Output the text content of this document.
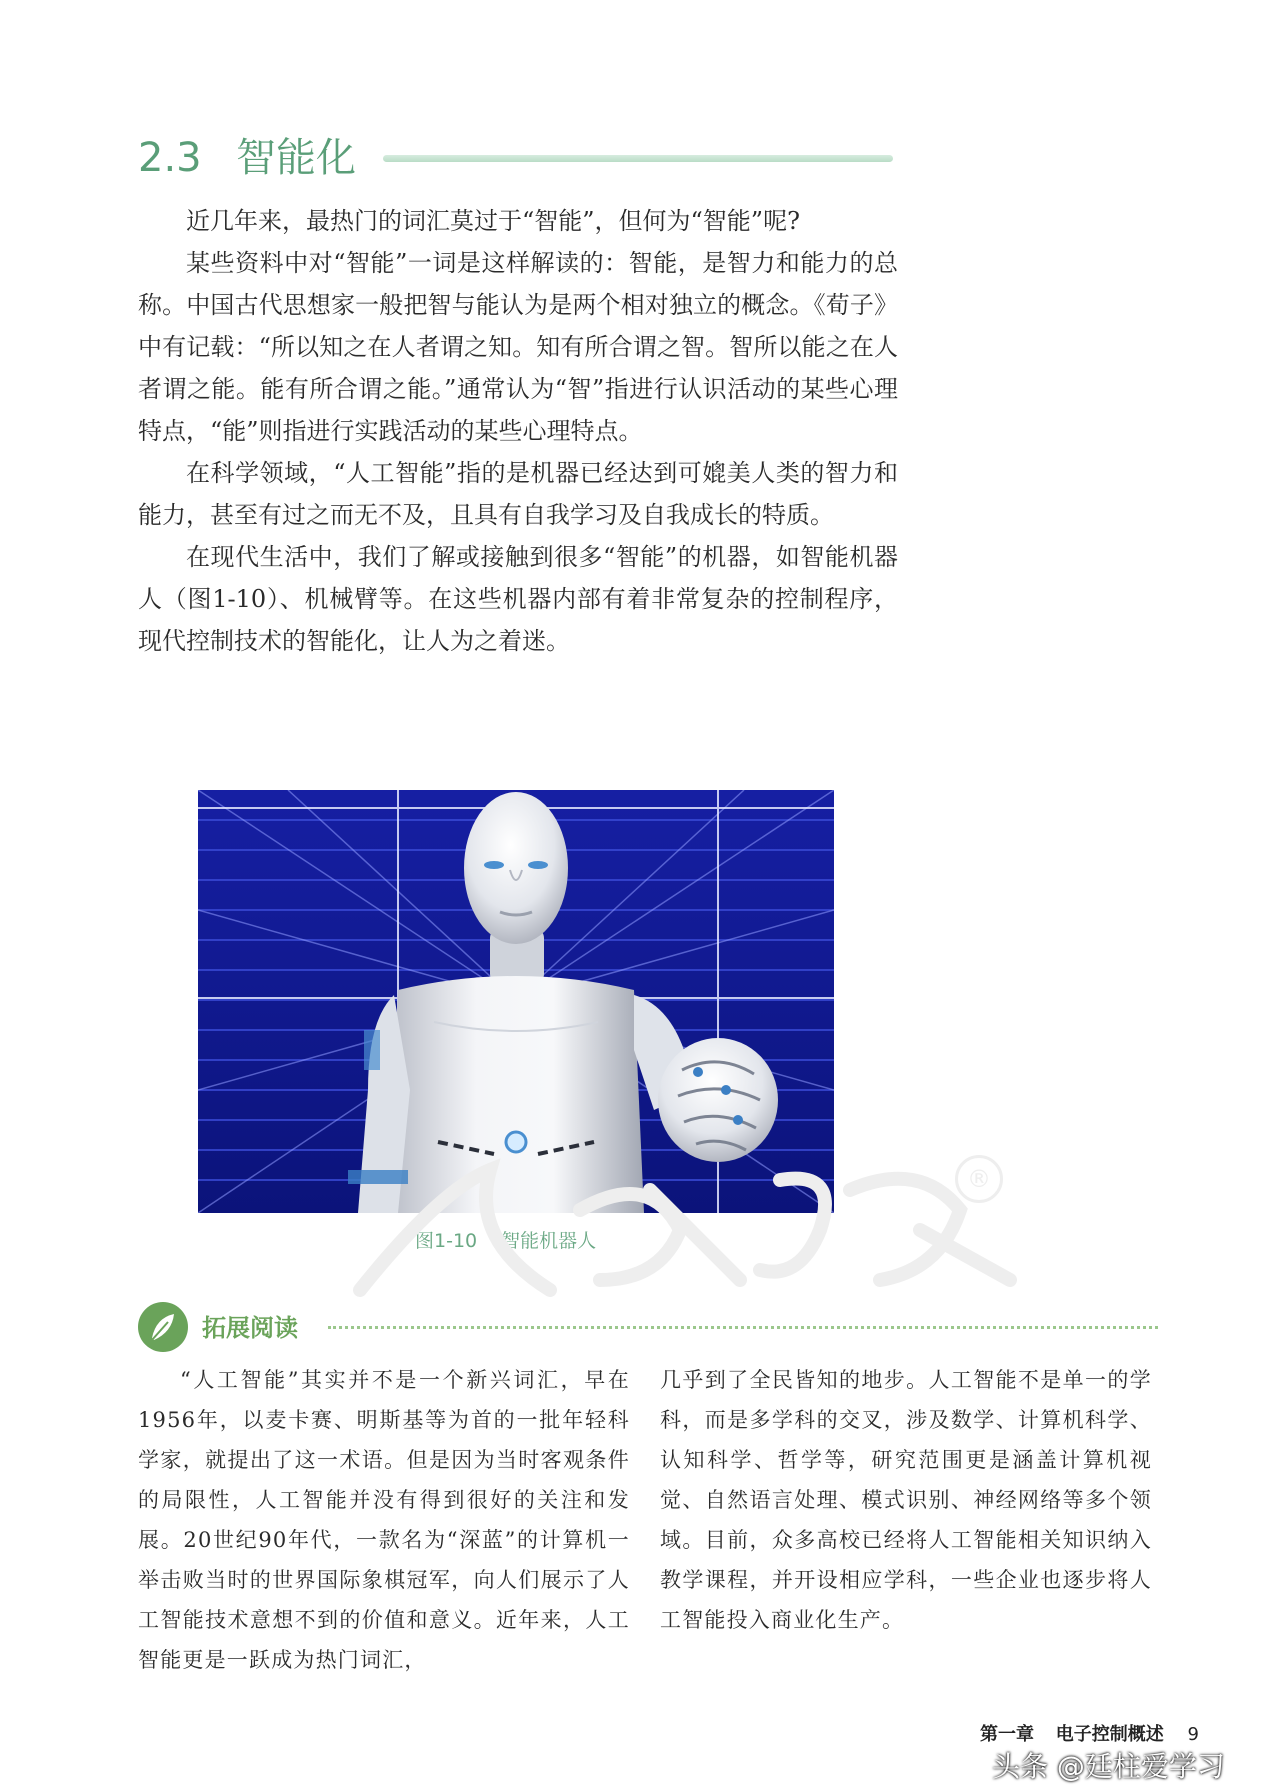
2.3 智能化

近几年来，最热门的词汇莫过于“智能”，但何为“智能”呢?

某些资料中对“智能”一词是这样解读的：智能，是智力和能力的总称。中国古代思想家一般把智与能认为是两个相对独立的概念。《荀子》中有记载：“所以知之在人者谓之知。知有所合谓之智。智所以能之在人者谓之能。能有所合谓之能。”通常认为“智”指进行认识活动的某些心理特点，“能”则指进行实践活动的某些心理特点。

在科学领域，“人工智能”指的是机器已经达到可媲美人类的智力和能力，甚至有过之而无不及，且具有自我学习及自我成长的特质。

在现代生活中，我们了解或接触到很多“智能”的机器，如智能机器人（图1-10）、机械臂等。在这些机器内部有着非常复杂的控制程序，现代控制技术的智能化，让人为之着迷。

图1-10 智能机器人
®
拓展阅读

“人工智能”其实并不是一个新兴词汇，早在1956年，以麦卡赛、明斯基等为首的一批年轻科学家，就提出了这一术语。但是因为当时客观条件的局限性，人工智能并没有得到很好的关注和发展。20世纪90年代，一款名为“深蓝”的计算机一举击败当时的世界国际象棋冠军，向人们展示了人工智能技术意想不到的价值和意义。近年来，人工智能更是一跃成为热门词汇，

几乎到了全民皆知的地步。人工智能不是单一的学科，而是多学科的交叉，涉及数学、计算机科学、认知科学、哲学等，研究范围更是涵盖计算机视觉、自然语言处理、模式识别、神经网络等多个领域。目前，众多高校已经将人工智能相关知识纳入教学课程，并开设相应学科，一些企业也逐步将人工智能投入商业化生产。

第一章 电子控制概述 9
头条 @廷柱爱学习
